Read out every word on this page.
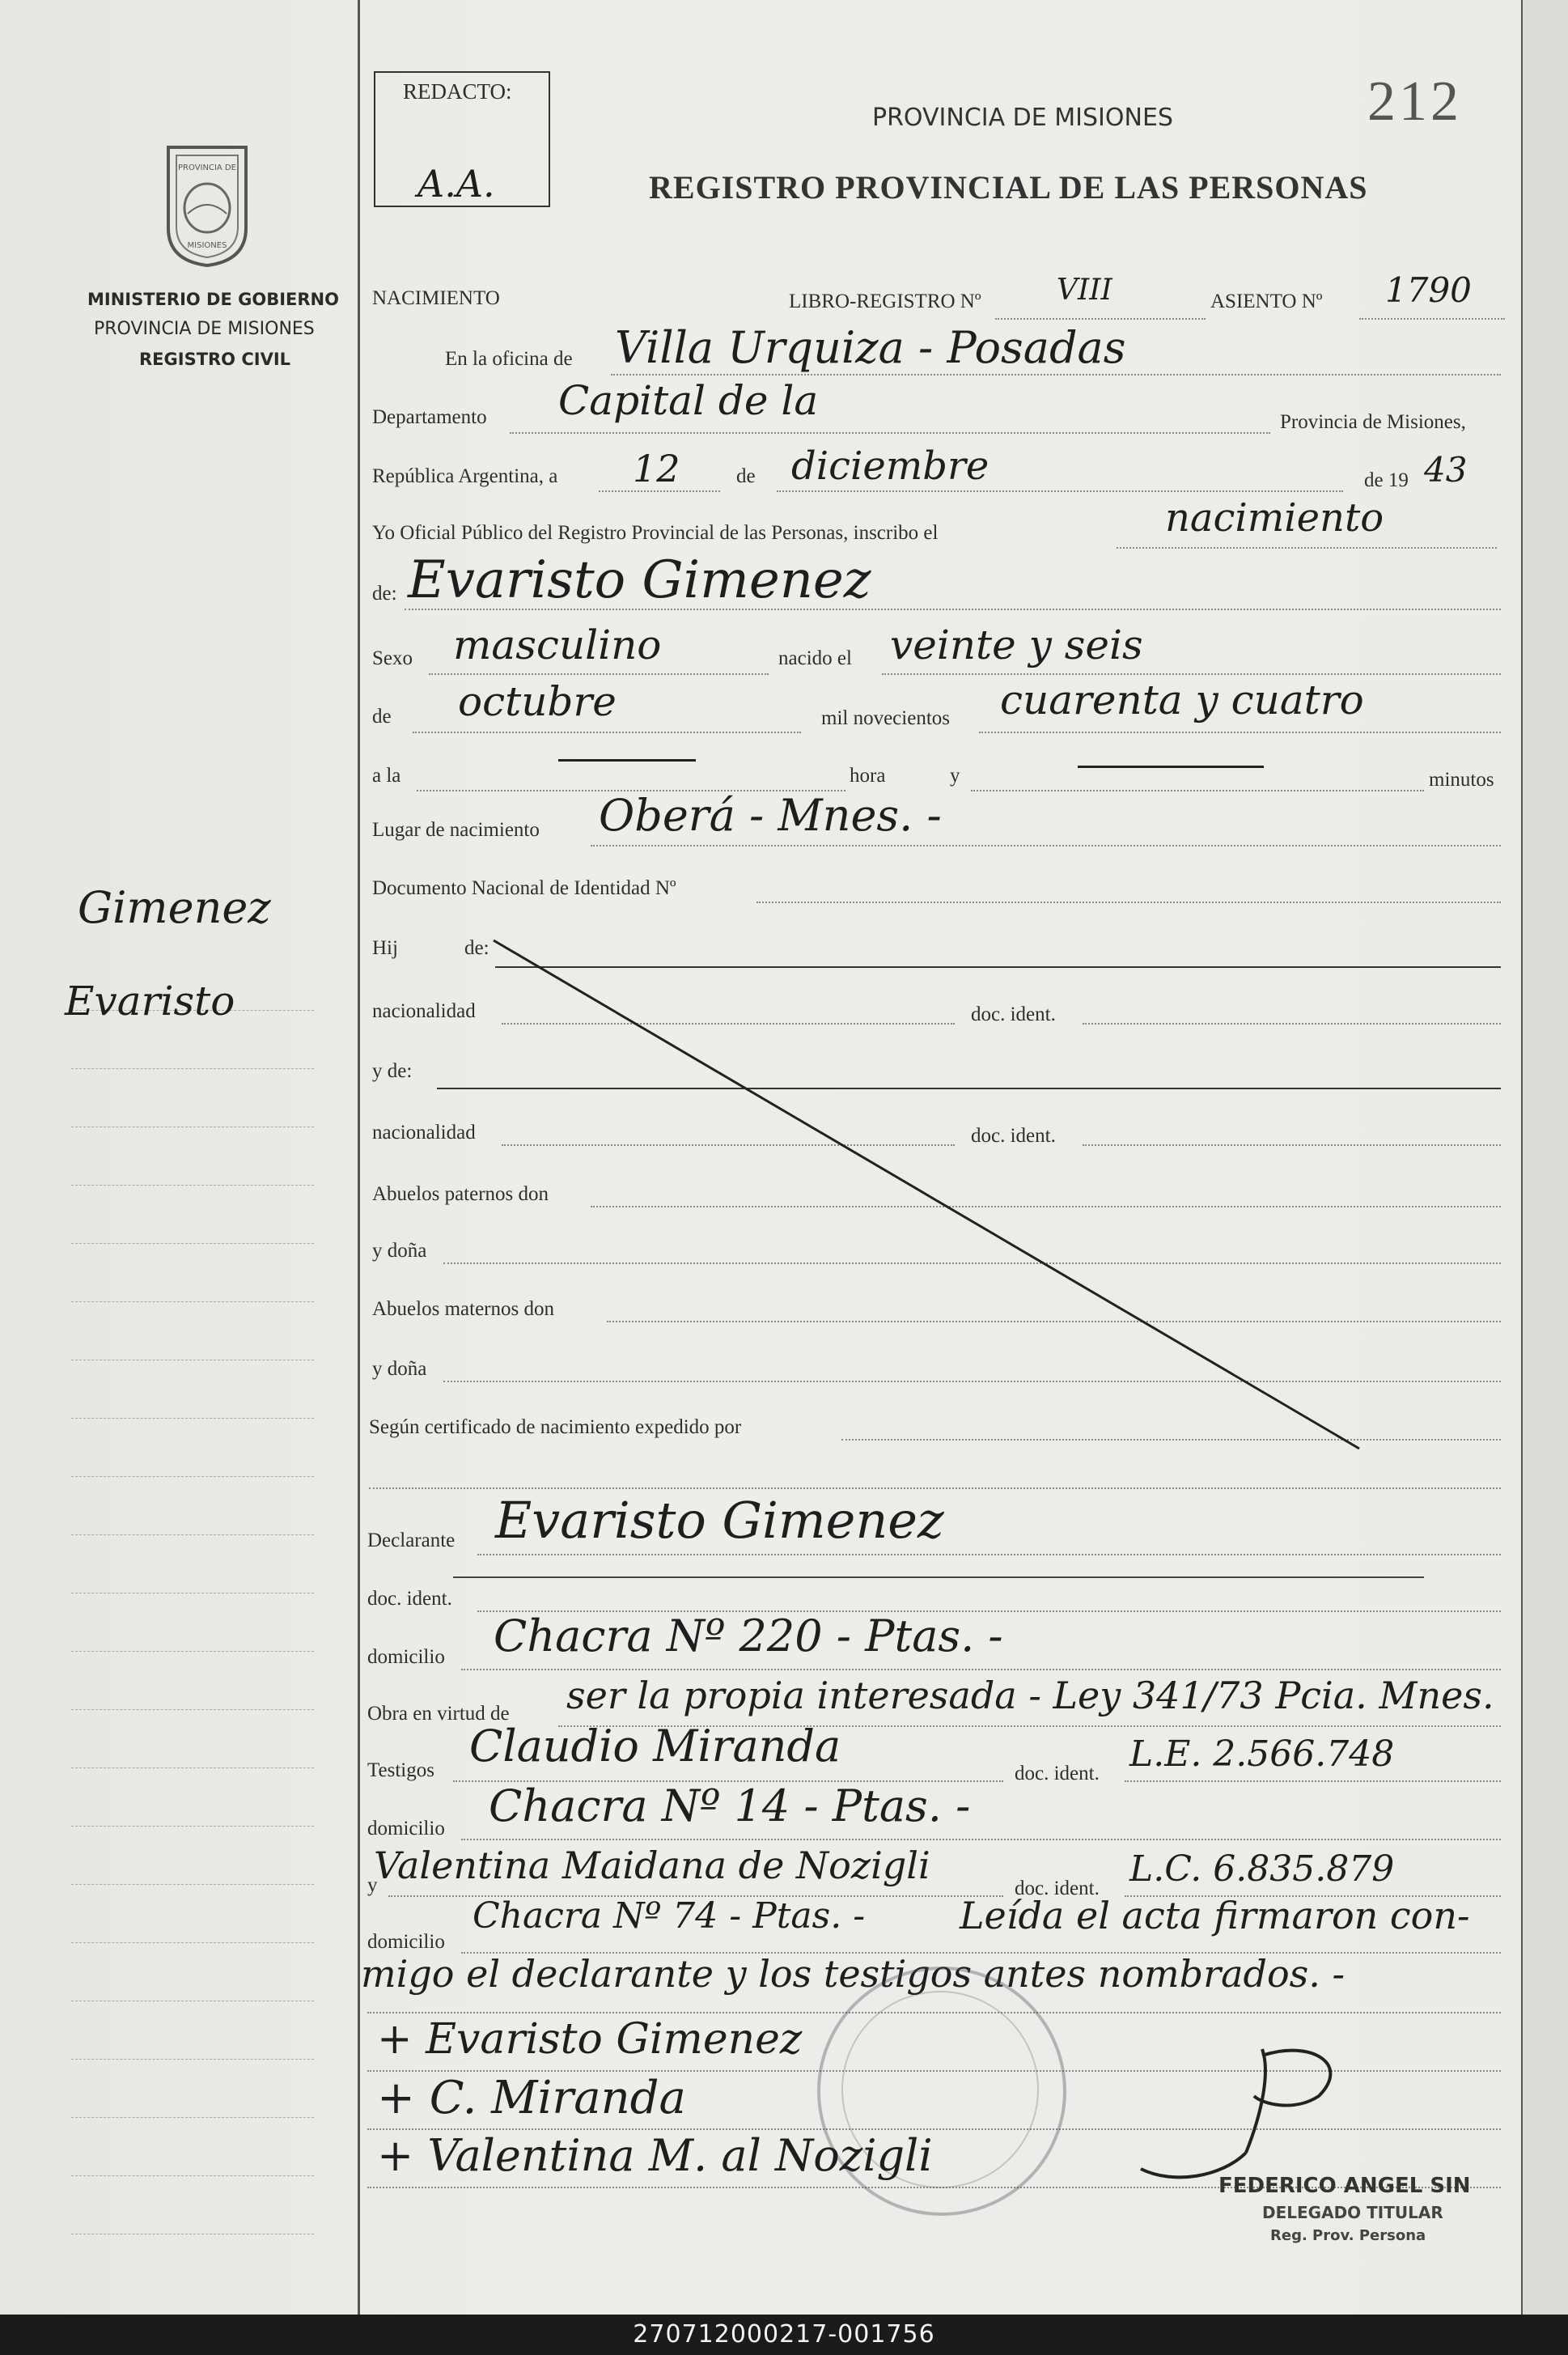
PROVINCIA DE
MISIONES
MINISTERIO DE GOBIERNO
PROVINCIA DE MISIONES
REGISTRO CIVIL
Gimenez
Evaristo
REDACTO:
A.A.
PROVINCIA DE MISIONES
REGISTRO PROVINCIAL DE LAS PERSONAS
212
NACIMIENTO	LIBRO-REGISTRO Nº	VIII	ASIENTO Nº 1790
En la oficina de Villa Urquiza - Posadas
Departamento Capital de la	Provincia de Misiones,
República Argentina, a 12	de diciembre	de 19 43
Yo Oficial Público del Registro Provincial de las Personas, inscribo el	nacimiento
de: Evaristo Gimenez
Sexo masculino	nacido el veinte y seis
de octubre	mil novecientos cuarenta y cuatro
a la	hora	y	minutos
Lugar de nacimiento Oberá - Mnes. -
Documento Nacional de Identidad Nº
Hij	de:
nacionalidad	doc. ident.
y de:
nacionalidad	doc. ident.
Abuelos paternos don
y doña
Abuelos maternos don
y doña
Según certificado de nacimiento expedido por
Declarante Evaristo Gimenez
doc. ident.
domicilio Chacra Nº 220 - Ptas. -
Obra en virtud de ser la propia interesada - Ley 341/73 Pcia. Mnes.
Testigos Claudio Miranda
doc. ident. L.E. 2.566.748
domicilio Chacra Nº 14 - Ptas. -
y
Valentina Maidana de Nozigli
doc. ident. L.C. 6.835.879
domicilio
Chacra Nº 74 - Ptas. -	Leída el acta firmaron con-
migo el declarante y los testigos antes nombrados. -
+ Evaristo Gimenez
+ C. Miranda
+ Valentina M. al Nozigli
FEDERICO ANGEL SIN
DELEGADO TITULAR
Reg. Prov. Persona
270712000217-001756
